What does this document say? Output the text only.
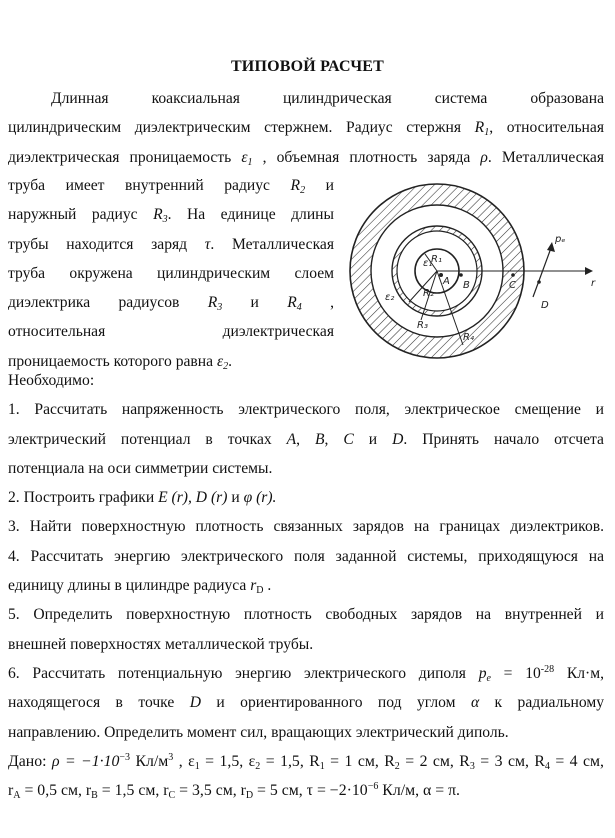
ТИПОВОЙ РАСЧЕТ
Длинная коаксиальная цилиндрическая система образована
цилиндрическим диэлектрическим стержнем. Радиус стержня $R_1$, относительная
диэлектрическая проницаемость $\varepsilon_1$ , объемная плотность заряда ρ. Металлическая
труба имеет внутренний радиус $R_2$ и
наружный радиус $R_3$. На единице длины
трубы находится заряд τ. Металлическая
труба окружена цилиндрическим слоем
диэлектрика радиусов $R_3$ и $R_4$ ,
относительная диэлектрическая
проницаемость которого равна $\varepsilon_2$.
ε₁
R₁
A B	C
D
ε₂	R₂
R₃
R₄
pₑ
r
Необходимо:
1. Рассчитать напряженность электрического поля, электрическое смещение и
электрический потенциал в точках A, B, C и D. Принять начало отсчета
потенциала на оси симметрии системы.
2. Построить графики E (r), D (r) и φ (r).
3. Найти поверхностную плотность связанных зарядов на границах диэлектриков.
4. Рассчитать энергию электрического поля заданной системы, приходящуюся на
единицу длины в цилиндре радиуса $r_D$ .
5. Определить поверхностную плотность свободных зарядов на внутренней и
внешней поверхностях металлической трубы.
6. Рассчитать потенциальную энергию электрического диполя $p_e = 10^{-28}$ Кл·м,
находящегося в точке D и ориентированного под углом α к радиальному
направлению. Определить момент сил, вращающих электрический диполь.
Дано: $\rho = -1\cdot 10^{-3}$ $Кл/м^3$ , $\varepsilon_1 = 1,5$, $\varepsilon_2 = 1,5$, $R_1 = 1$ см, $R_2 = 2$ см, $R_3 = 3$ см, $R_4 = 4$ см,
$r_A = 0,5$ см, $r_B = 1,5$ см, $r_C = 3,5$ см, $r_D = 5$ см, $\tau = -2\cdot 10^{-6}$ Кл/м, α = π.
